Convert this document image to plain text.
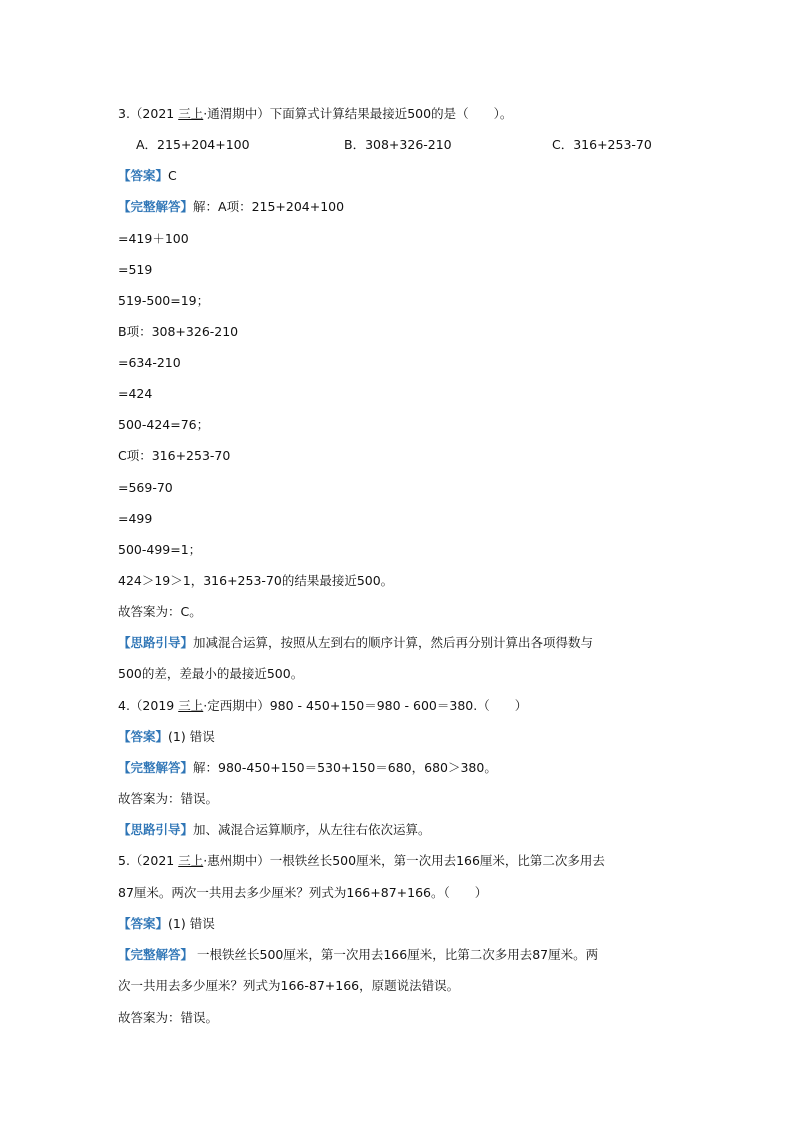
3.（2021 三上·通渭期中）下面算式计算结果最接近500的是（　　）。
A．215+204+100	B．308+326-210	C．316+253-70
【答案】C
【完整解答】解：A项：215+204+100
=419＋100
=519
519-500=19；
B项：308+326-210
=634-210
=424
500-424=76；
C项：316+253-70
=569-70
=499
500-499=1；
424＞19＞1，316+253-70的结果最接近500。
故答案为：C。
【思路引导】加减混合运算，按照从左到右的顺序计算，然后再分别计算出各项得数与
500的差，差最小的最接近500。
4.（2019 三上·定西期中）980 - 450+150＝980 - 600＝380.（　　）
【答案】(1) 错误
【完整解答】解：980-450+150＝530+150＝680，680＞380。
故答案为：错误。
【思路引导】加、减混合运算顺序，从左往右依次运算。
5.（2021 三上·惠州期中）一根铁丝长500厘米，第一次用去166厘米，比第二次多用去
87厘米。两次一共用去多少厘米？列式为166+87+166。（　　）
【答案】(1) 错误
【完整解答】 一根铁丝长500厘米，第一次用去166厘米，比第二次多用去87厘米。两
次一共用去多少厘米？列式为166-87+166，原题说法错误。
故答案为：错误。
